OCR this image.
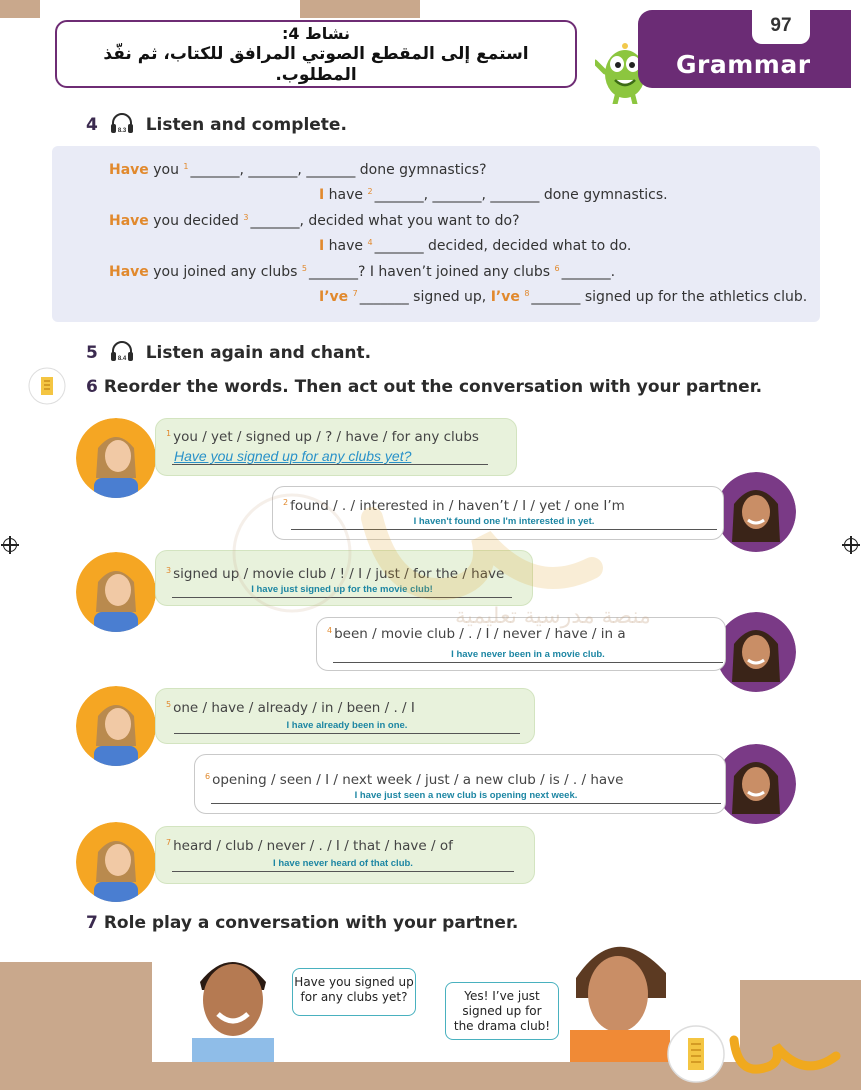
نشاط 4:
استمع إلى المقطع الصوتي المرافق للكتاب، ثم نفّذ المطلوب.	Grammar
97
4	8.3 Listen and complete.
Have you $^1$ _______, _______, _______ done gymnastics?
I have $^2$ _______, _______, _______ done gymnastics.
Have you decided $^3$ _______, decided what you want to do?
I have $^4$ _______ decided, decided what to do.
Have you joined any clubs $^5$ _______? I haven’t joined any clubs $^6$ _______.
I’ve $^7$ _______ signed up, I’ve $^8$ _______ signed up for the athletics club.
5	8.4 Listen again and chant.
6 Reorder the words. Then act out the conversation with your partner.
$^1$ you / yet / signed up / ? / have / for any clubs
Have you signed up for any clubs yet?
$^2$ found / . / interested in / haven’t / I / yet / one I’m
I haven't found one I'm interested in yet.
$^3$ signed up / movie club / ! / I / just / for the / have
I have just signed up for the movie club!
$^4$ been / movie club / . / I / never / have / in a
I have never been in a movie club.
$^5$ one / have / already / in / been / . / I
I have already been in one.
$^6$ opening / seen / I / next week / just / a new club / is / . / have
I have just seen a new club is opening next week.
$^7$ heard / club / never / . / I / that / have / of
I have never heard of that club.
منصة مدرسية تعليمية
7 Role play a conversation with your partner.
Have you signed up
for any clubs yet?	Yes! I’ve just
signed up for
the drama club!
